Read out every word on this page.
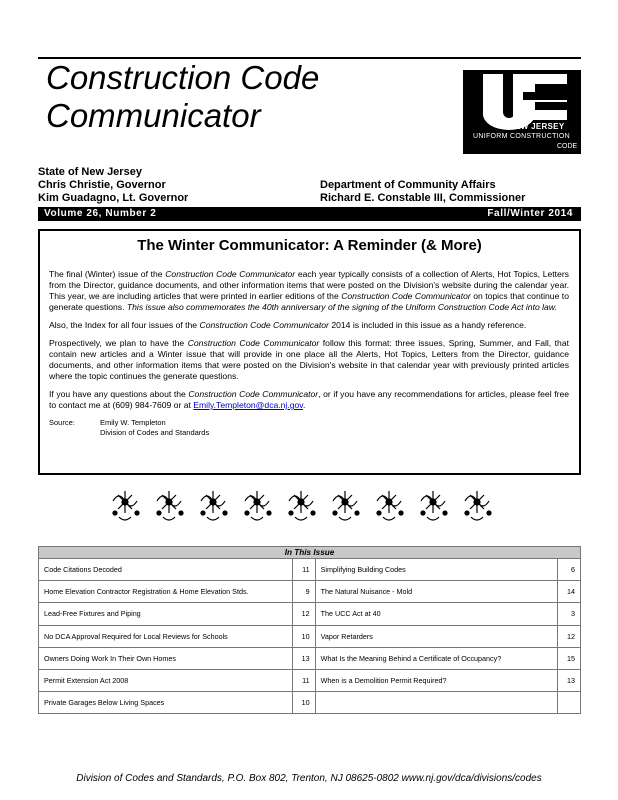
Construction Code
Communicator	NEW JERSEY
UNIFORM CONSTRUCTION
CODE
State of New Jersey
Chris Christie, Governor
Kim Guadagno, Lt. Governor
Department of Community Affairs
Richard E. Constable III, Commissioner
Volume 26, Number 2	Fall/Winter 2014
The Winter Communicator: A Reminder (& More)

The final (Winter) issue of the Construction Code Communicator each year typically consists of a collection of Alerts, Hot Topics, Letters from the Director, guidance documents, and other information items that were posted on the Division's website during the calendar year. This year, we are including articles that were printed in earlier editions of the Construction Code Communicator on topics that continue to generate questions. This issue also commemorates the 40th anniversary of the signing of the Uniform Construction Code Act into law.

Also, the Index for all four issues of the Construction Code Communicator 2014 is included in this issue as a handy reference.

Prospectively, we plan to have the Construction Code Communicator follow this format: three issues, Spring, Summer, and Fall, that contain new articles and a Winter issue that will provide in one place all the Alerts, Hot Topics, Letters from the Director, guidance documents, and other information items that were posted on the Division's website in that calendar year with previously printed articles where the topic continues the generate questions.

If you have any questions about the Construction Code Communicator, or if you have any recommendations for articles, please feel free to contact me at (609) 984-7609 or at Emily.Templeton@dca.nj.gov.

Source:	Emily W. Templeton
Division of Codes and Standards
In This Issue			
Code Citations Decoded	11	Simplifying Building Codes	6
Home Elevation Contractor Registration & Home Elevation Stds.	9	The Natural Nuisance - Mold	14
Lead-Free Fixtures and Piping	12	The UCC Act at 40	3
No DCA Approval Required for Local Reviews for Schools	10	Vapor Retarders	12
Owners Doing Work In Their Own Homes	13	What Is the Meaning Behind a Certificate of Occupancy?	15
Permit Extension Act 2008	11	When is a Demolition Permit Required?	13
Private Garages Below Living Spaces	10		
Division of Codes and Standards, P.O. Box 802, Trenton, NJ 08625-0802 www.nj.gov/dca/divisions/codes
